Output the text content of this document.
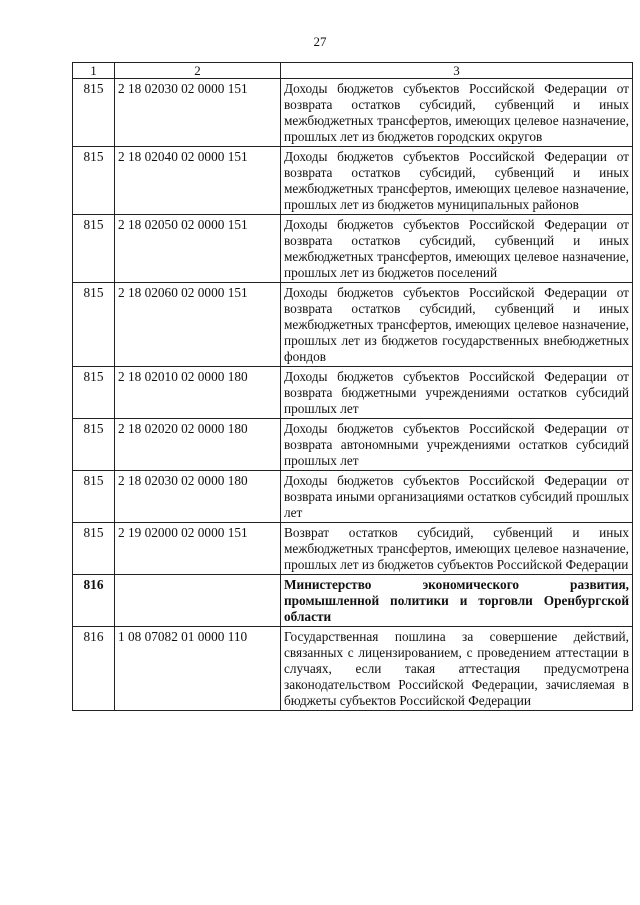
27
1	2	3
815	2 18 02030 02 0000 151	Доходы бюджетов субъектов Российской Федерации от возврата остатков субсидий, субвенций и иных межбюджетных трансфертов, имеющих целевое назначение, прошлых лет из бюджетов городских округов
815	2 18 02040 02 0000 151	Доходы бюджетов субъектов Российской Федерации от возврата остатков субсидий, субвенций и иных межбюджетных трансфертов, имеющих целевое назначение, прошлых лет из бюджетов муниципальных районов
815	2 18 02050 02 0000 151	Доходы бюджетов субъектов Российской Федерации от возврата остатков субсидий, субвенций и иных межбюджетных трансфертов, имеющих целевое назначение, прошлых лет из бюджетов поселений
815	2 18 02060 02 0000 151	Доходы бюджетов субъектов Российской Федерации от возврата остатков субсидий, субвенций и иных межбюджетных трансфертов, имеющих целевое назначение, прошлых лет из бюджетов государственных внебюджетных фондов
815	2 18 02010 02 0000 180	Доходы бюджетов субъектов Российской Федерации от возврата бюджетными учреждениями остатков субсидий прошлых лет
815	2 18 02020 02 0000 180	Доходы бюджетов субъектов Российской Федерации от возврата автономными учреждениями остатков субсидий прошлых лет
815	2 18 02030 02 0000 180	Доходы бюджетов субъектов Российской Федерации от возврата иными организациями остатков субсидий прошлых лет
815	2 19 02000 02 0000 151	Возврат остатков субсидий, субвенций и иных межбюджетных трансфертов, имеющих целевое назначение, прошлых лет из бюджетов субъектов Российской Федерации
816		Министерство экономического развития, промышленной политики и торговли Оренбургской области
816	1 08 07082 01 0000 110	Государственная пошлина за совершение действий, связанных с лицензированием, с проведением аттестации в случаях, если такая аттестация предусмотрена законодательством Российской Федерации, зачисляемая в бюджеты субъектов Российской Федерации
